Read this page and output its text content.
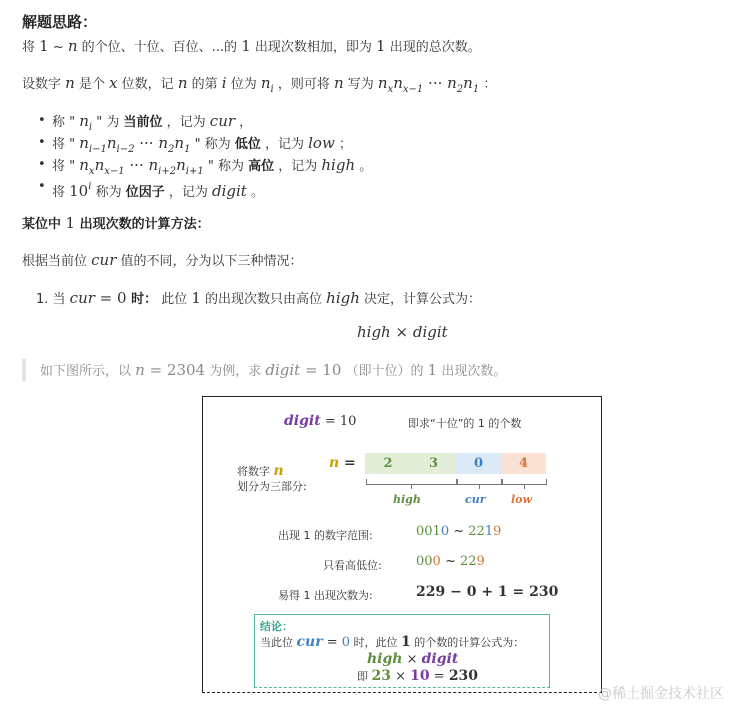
解题思路：
将 1 ~ n 的个位、十位、百位、...的 1 出现次数相加，即为 1 出现的总次数。
设数字 n 是个 x 位数，记 n 的第 i 位为 $n_i$ ，则可将 n 写为 $n_xn_{x-1}$ ··· $n_2n_1$ ：
• 称 " $n_i$ " 为 当前位 ，记为 cur ，
• 将 " $n_{i-1}n_{i-2}$ ··· $n_2n_1$ " 称为 低位 ，记为 low ；
• 将 " $n_xn_{x-1}$ ··· $n_{i+2}n_{i+1}$ " 称为 高位 ，记为 high 。
• 将 10$^i$ 称为 位因子 ，记为 digit 。
某位中 1 出现次数的计算方法：
根据当前位 cur 值的不同，分为以下三种情况：
1. 当 cur = 0 时： 此位 1 的出现次数只由高位 high 决定，计算公式为：
high × digit
如下图所示，以 n = 2304 为例，求 digit = 10 （即十位）的 1 出现次数。
digit = 10	即求“十位”的 1 的个数
将数字 n
划分为三部分:
n =	2	3	0	4
high	cur low
出现 1 的数字范围:	0010 ~ 2219
只看高低位:	000 ~ 229
易得 1 出现次数为:	229 − 0 + 1 = 230
结论：
当此位 cur = 0 时，此位 1 的个数的计算公式为：
high × digit
即 23 × 10 = 230
@稀土掘金技术社区
